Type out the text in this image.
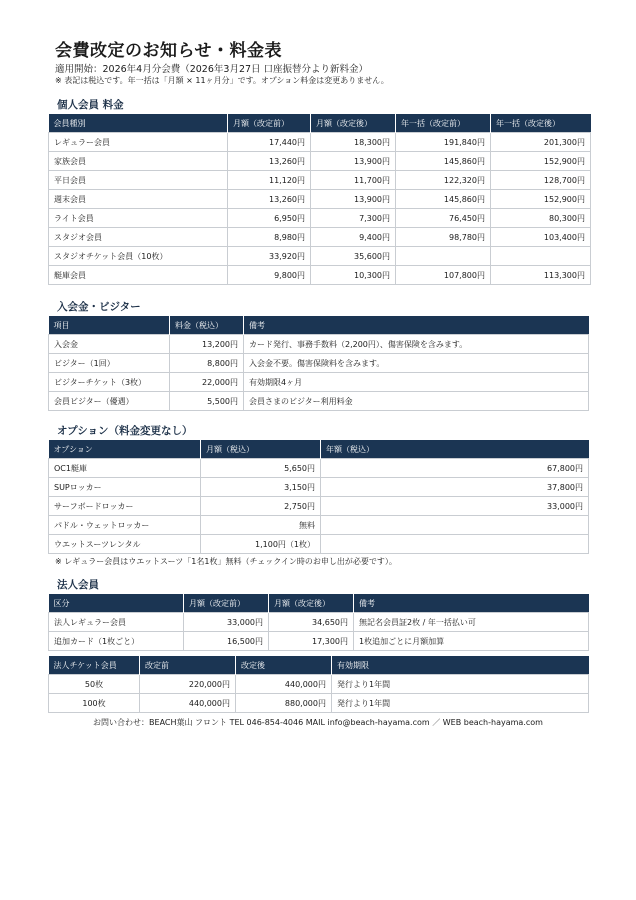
会費改定のお知らせ・料金表
適用開始：2026年4月分会費（2026年3月27日 口座振替分より新料金）
※ 表記は税込です。年一括は「月額 × 11ヶ月分」です。オプション料金は変更ありません。
個人会員 料金
会員種別	月額（改定前）	月額（改定後）	年一括（改定前）	年一括（改定後）
レギュラー会員	17,440円	18,300円	191,840円	201,300円
家族会員	13,260円	13,900円	145,860円	152,900円
平日会員	11,120円	11,700円	122,320円	128,700円
週末会員	13,260円	13,900円	145,860円	152,900円
ライト会員	6,950円	7,300円	76,450円	80,300円
スタジオ会員	8,980円	9,400円	98,780円	103,400円
スタジオチケット会員（10枚）	33,920円	35,600円		
艇庫会員	9,800円	10,300円	107,800円	113,300円
入会金・ビジター
項目	料金（税込）	備考
入会金	13,200円	カード発行、事務手数料（2,200円）、傷害保険を含みます。
ビジター（1回）	8,800円	入会金不要。傷害保険料を含みます。
ビジターチケット（3枚）	22,000円	有効期限4ヶ月
会員ビジター（優遇）	5,500円	会員さまのビジター利用料金
オプション（料金変更なし）
オプション	月額（税込）	年額（税込）
OC1艇庫	5,650円	67,800円
SUPロッカー	3,150円	37,800円
サーフボードロッカー	2,750円	33,000円
パドル・ウェットロッカー	無料	
ウエットスーツレンタル	1,100円（1枚）	
※ レギュラー会員はウエットスーツ「1名1枚」無料（チェックイン時のお申し出が必要です）。
法人会員
区分	月額（改定前）	月額（改定後）	備考
法人レギュラー会員	33,000円	34,650円	無記名会員証2枚 / 年一括払い可
追加カード（1枚ごと）	16,500円	17,300円	1枚追加ごとに月額加算
法人チケット会員	改定前	改定後	有効期限
50枚	220,000円	440,000円	発行より1年間
100枚	440,000円	880,000円	発行より1年間
お問い合わせ：BEACH葉山 フロント TEL 046-854-4046 MAIL info@beach-hayama.com ／ WEB beach-hayama.com
